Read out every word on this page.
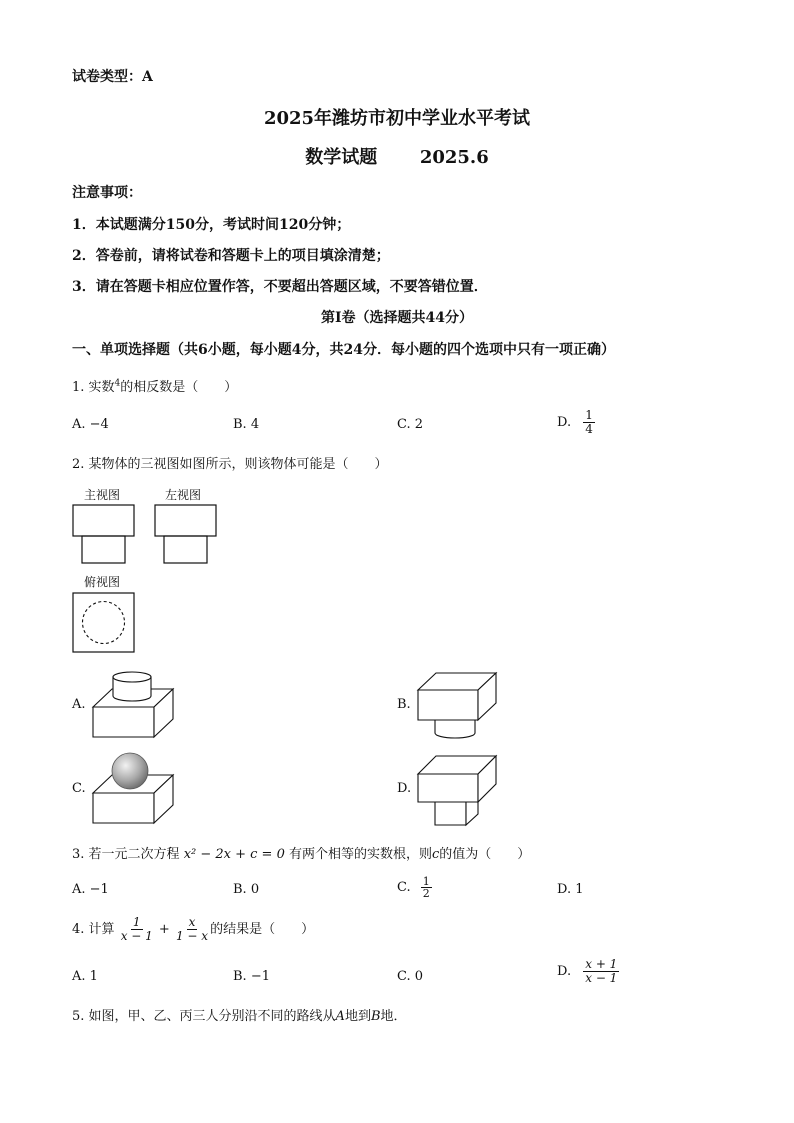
试卷类型：A
2025年潍坊市初中学业水平考试
数学试题 2025.6
注意事项：
1．本试题满分150分，考试时间120分钟；
2．答卷前，请将试卷和答题卡上的项目填涂清楚；
3．请在答题卡相应位置作答，不要超出答题区域，不要答错位置．
第Ⅰ卷（选择题共44分）
一、单项选择题（共6小题，每小题4分，共24分．每小题的四个选项中只有一项正确）
1. 实数$^4$的相反数是（　　）
A. −4	B. 4	C. 2	D. $\frac{1}{4}$
2. 某物体的三视图如图所示，则该物体可能是（　　）
主视图	左视图
俯视图
A.	B.
C.	D.
3. 若一元二次方程 x² − 2x + c = 0 有两个相等的实数根，则c的值为（　　）
A. −1	B. 0	C. $\frac{1}{2}$	D. 1
4. 计算 $\frac{1}{x - 1} + \frac{x}{1 - x}$ 的结果是（　　）
A. 1	B. −1	C. 0	D. $\frac{x + 1}{x - 1}$
5. 如图，甲、乙、丙三人分别沿不同的路线从A地到B地．
